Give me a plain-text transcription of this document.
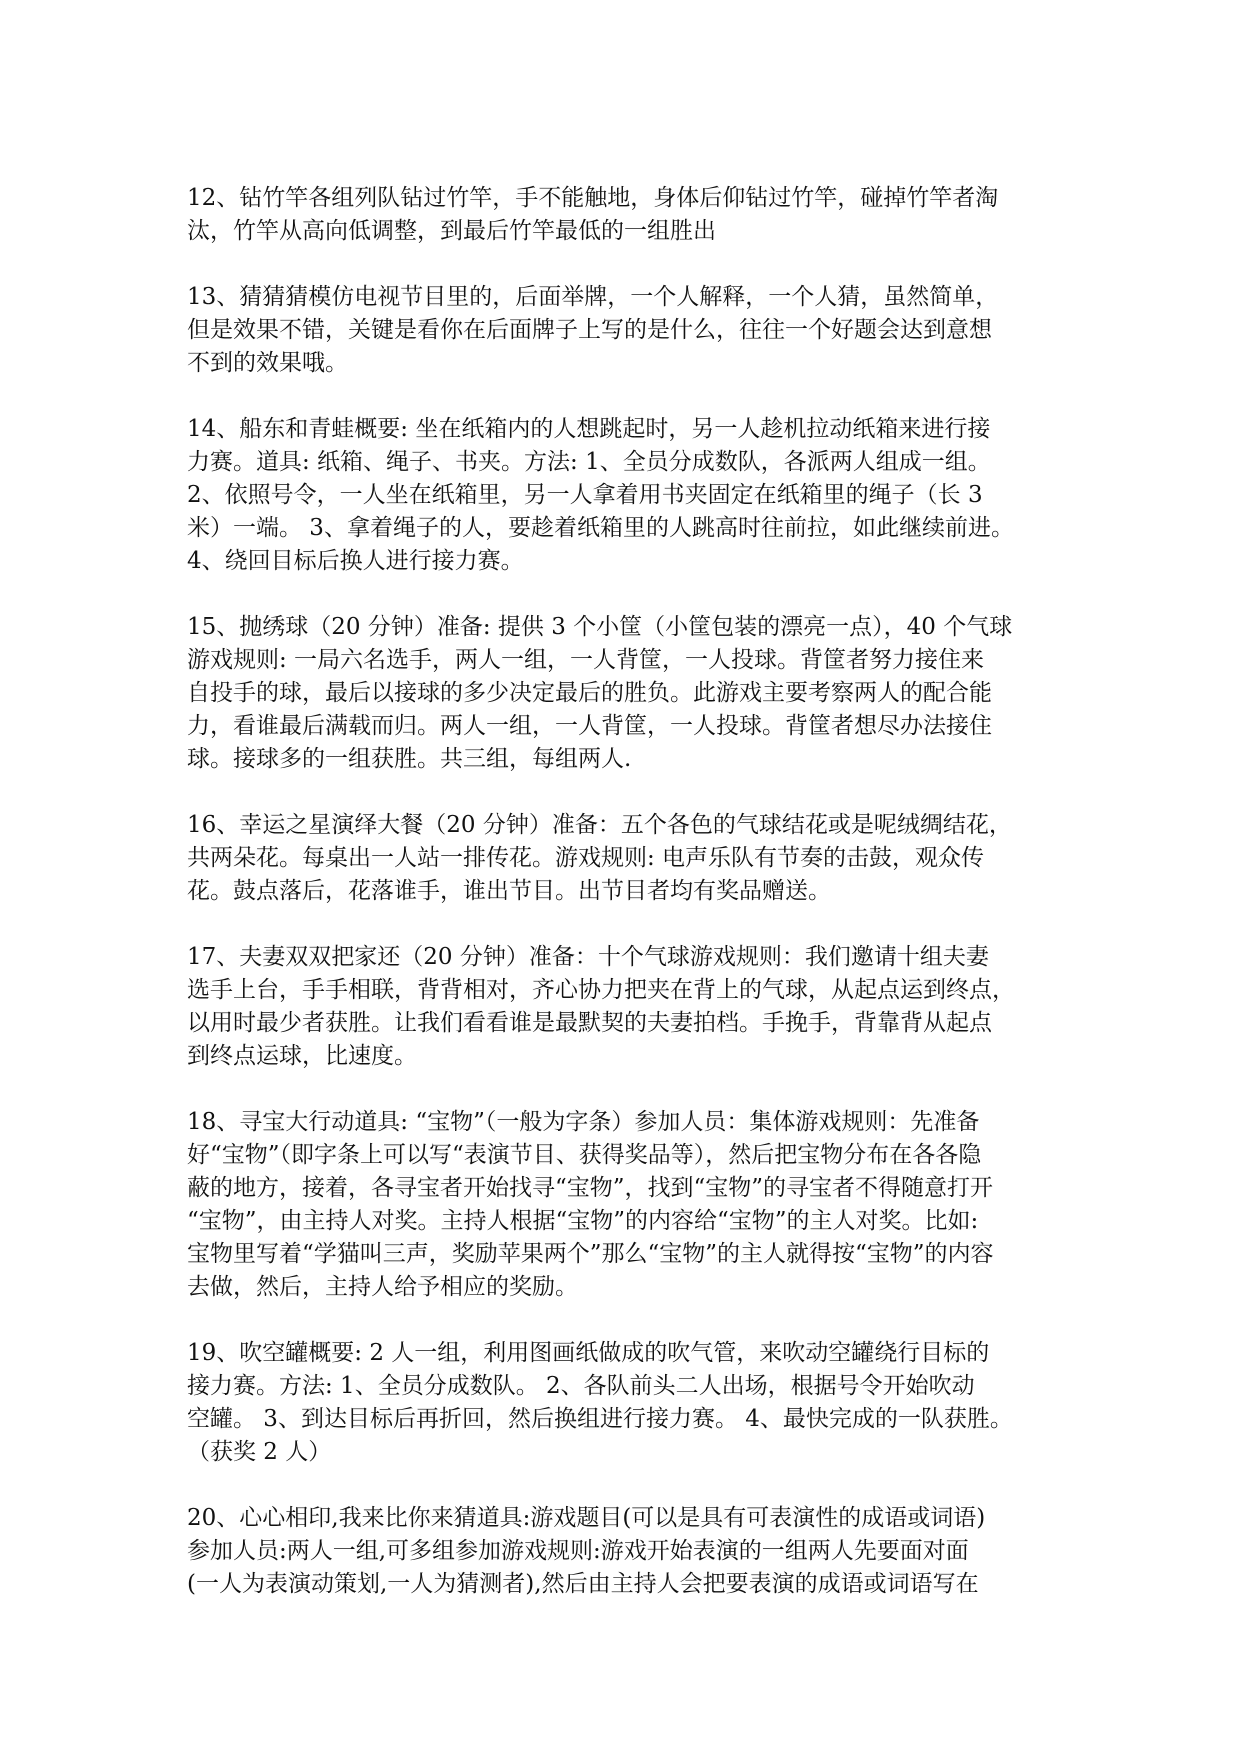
12、钻竹竿各组列队钻过竹竿，手不能触地，身体后仰钻过竹竿，碰掉竹竿者淘
汰，竹竿从高向低调整，到最后竹竿最低的一组胜出

13、猜猜猜模仿电视节目里的，后面举牌，一个人解释，一个人猜，虽然简单，
但是效果不错，关键是看你在后面牌子上写的是什么，往往一个好题会达到意想
不到的效果哦。

14、船东和青蛙概要: 坐在纸箱内的人想跳起时，另一人趁机拉动纸箱来进行接
力赛。道具: 纸箱、绳子、书夹。方法: 1、全员分成数队，各派两人组成一组。
2、依照号令，一人坐在纸箱里，另一人拿着用书夹固定在纸箱里的绳子（长 3
米）一端。 3、拿着绳子的人，要趁着纸箱里的人跳高时往前拉，如此继续前进。
4、绕回目标后换人进行接力赛。

15、抛绣球（20 分钟）准备: 提供 3 个小筐（小筐包装的漂亮一点），40 个气球
游戏规则: 一局六名选手，两人一组，一人背筐，一人投球。背筐者努力接住来
自投手的球，最后以接球的多少决定最后的胜负。此游戏主要考察两人的配合能
力，看谁最后满载而归。两人一组，一人背筐，一人投球。背筐者想尽办法接住
球。接球多的一组获胜。共三组，每组两人.

16、幸运之星演绎大餐（20 分钟）准备：五个各色的气球结花或是呢绒绸结花，
共两朵花。每桌出一人站一排传花。游戏规则: 电声乐队有节奏的击鼓，观众传
花。鼓点落后，花落谁手，谁出节目。出节目者均有奖品赠送。

17、夫妻双双把家还（20 分钟）准备：十个气球游戏规则：我们邀请十组夫妻
选手上台，手手相联，背背相对，齐心协力把夹在背上的气球，从起点运到终点，
以用时最少者获胜。让我们看看谁是最默契的夫妻拍档。手挽手，背靠背从起点
到终点运球，比速度。

18、寻宝大行动道具: “宝物”（一般为字条）参加人员：集体游戏规则：先准备
好“宝物”（即字条上可以写“表演节目、获得奖品等），然后把宝物分布在各各隐
蔽的地方，接着，各寻宝者开始找寻“宝物”，找到“宝物”的寻宝者不得随意打开
“宝物”，由主持人对奖。主持人根据“宝物”的内容给“宝物”的主人对奖。比如:
宝物里写着“学猫叫三声，奖励苹果两个”那么“宝物”的主人就得按“宝物”的内容
去做，然后，主持人给予相应的奖励。

19、吹空罐概要: 2 人一组，利用图画纸做成的吹气管，来吹动空罐绕行目标的
接力赛。方法: 1、全员分成数队。 2、各队前头二人出场，根据号令开始吹动
空罐。 3、到达目标后再折回，然后换组进行接力赛。 4、最快完成的一队获胜。
（获奖 2 人）

20、心心相印,我来比你来猜道具:游戏题目(可以是具有可表演性的成语或词语)
参加人员:两人一组,可多组参加游戏规则:游戏开始表演的一组两人先要面对面
(一人为表演动策划,一人为猜测者),然后由主持人会把要表演的成语或词语写在
